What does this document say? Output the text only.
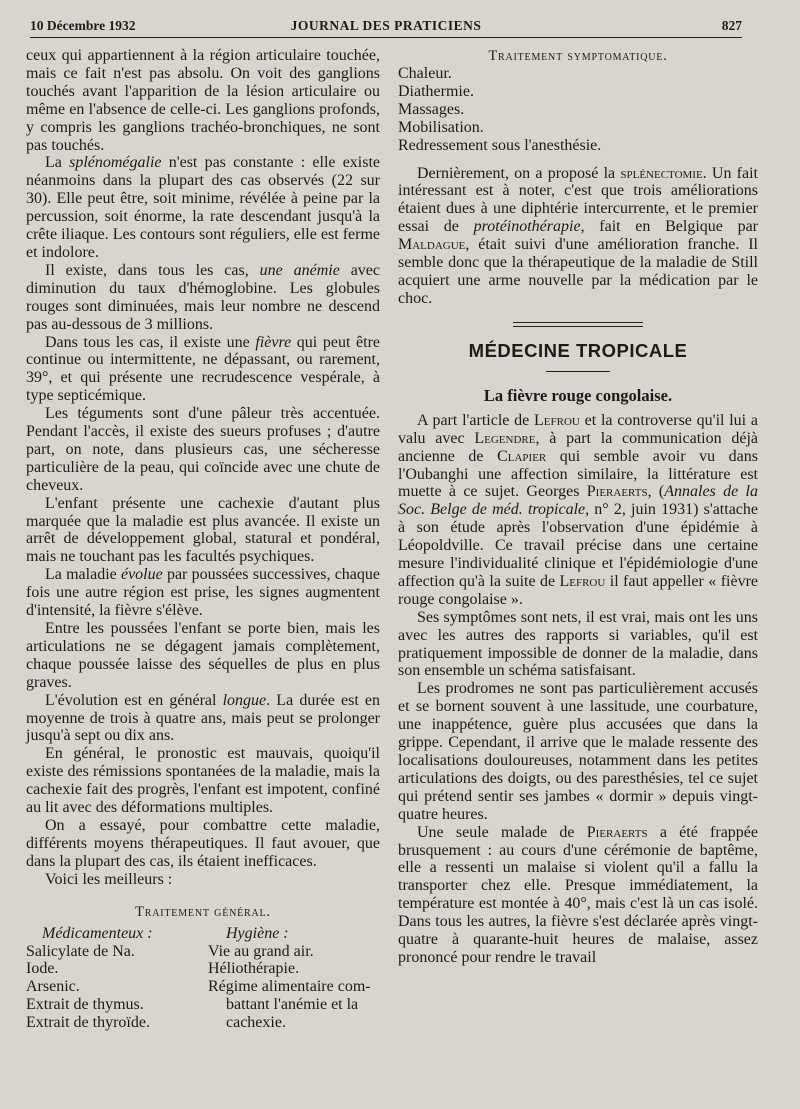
10 Décembre 1932	JOURNAL DES PRATICIENS	827

ceux qui appartiennent à la région articulaire touchée, mais ce fait n'est pas absolu. On voit des ganglions touchés avant l'apparition de la lésion articulaire ou même en l'absence de celle-ci. Les ganglions profonds, y compris les ganglions trachéo-bronchiques, ne sont pas touchés.

La splénomégalie n'est pas constante : elle existe néanmoins dans la plupart des cas observés (22 sur 30). Elle peut être, soit minime, révélée à peine par la percussion, soit énorme, la rate descendant jusqu'à la crête iliaque. Les contours sont réguliers, elle est ferme et indolore.

Il existe, dans tous les cas, une anémie avec diminution du taux d'hémoglobine. Les globules rouges sont diminuées, mais leur nombre ne descend pas au-dessous de 3 millions.

Dans tous les cas, il existe une fièvre qui peut être continue ou intermittente, ne dépassant, ou rarement, 39°, et qui présente une recrudescence vespérale, à type septicémique.

Les téguments sont d'une pâleur très accentuée. Pendant l'accès, il existe des sueurs profuses ; d'autre part, on note, dans plusieurs cas, une sécheresse particulière de la peau, qui coïncide avec une chute de cheveux.

L'enfant présente une cachexie d'autant plus marquée que la maladie est plus avancée. Il existe un arrêt de développement global, statural et pondéral, mais ne touchant pas les facultés psychiques.

La maladie évolue par poussées successives, chaque fois une autre région est prise, les signes augmentent d'intensité, la fièvre s'élève.

Entre les poussées l'enfant se porte bien, mais les articulations ne se dégagent jamais complètement, chaque poussée laisse des séquelles de plus en plus graves.

L'évolution est en général longue. La durée est en moyenne de trois à quatre ans, mais peut se prolonger jusqu'à sept ou dix ans.

En général, le pronostic est mauvais, quoiqu'il existe des rémissions spontanées de la maladie, mais la cachexie fait des progrès, l'enfant est impotent, confiné au lit avec des déformations multiples.

On a essayé, pour combattre cette maladie, différents moyens thérapeutiques. Il faut avouer, que dans la plupart des cas, ils étaient inefficaces.

Voici les meilleurs :

Traitement général.
Médicamenteux :
Salicylate de Na.
Iode.
Arsenic.
Extrait de thymus.
Extrait de thyroïde.
Hygiène :
Vie au grand air.
Héliothérapie.
Régime alimentaire com-
battant l'anémie et la cachexie.
Traitement symptomatique.
Chaleur.
Diathermie.
Massages.
Mobilisation.
Redressement sous l'anesthésie.

Dernièrement, on a proposé la splénectomie. Un fait intéressant est à noter, c'est que trois améliorations étaient dues à une diphtérie intercurrente, et le premier essai de protéinothérapie, fait en Belgique par Maldague, était suivi d'une amélioration franche. Il semble donc que la thérapeutique de la maladie de Still acquiert une arme nouvelle par la médication par le choc.

MÉDECINE TROPICALE
La fièvre rouge congolaise.

A part l'article de Lefrou et la controverse qu'il lui a valu avec Legendre, à part la communication déjà ancienne de Clapier qui semble avoir vu dans l'Oubanghi une affection similaire, la littérature est muette à ce sujet. Georges Pieraerts, (Annales de la Soc. Belge de méd. tropicale, n° 2, juin 1931) s'attache à son étude après l'observation d'une épidémie à Léopoldville. Ce travail précise dans une certaine mesure l'individualité clinique et l'épidémiologie d'une affection qu'à la suite de Lefrou il faut appeller « fièvre rouge congolaise ».

Ses symptômes sont nets, il est vrai, mais ont les uns avec les autres des rapports si variables, qu'il est pratiquement impossible de donner de la maladie, dans son ensemble un schéma satisfaisant.

Les prodromes ne sont pas particulièrement accusés et se bornent souvent à une lassitude, une courbature, une inappétence, guère plus accusées que dans la grippe. Cependant, il arrive que le malade ressente des localisations douloureuses, notamment dans les petites articulations des doigts, ou des paresthésies, tel ce sujet qui prétend sentir ses jambes « dormir » depuis vingt-quatre heures.

Une seule malade de Pieraerts a été frappée brusquement : au cours d'une cérémonie de baptême, elle a ressenti un malaise si violent qu'il a fallu la transporter chez elle. Presque immédiatement, la température est montée à 40°, mais c'est là un cas isolé. Dans tous les autres, la fièvre s'est déclarée après vingt-quatre à quarante-huit heures de malaise, assez prononcé pour rendre le travail
